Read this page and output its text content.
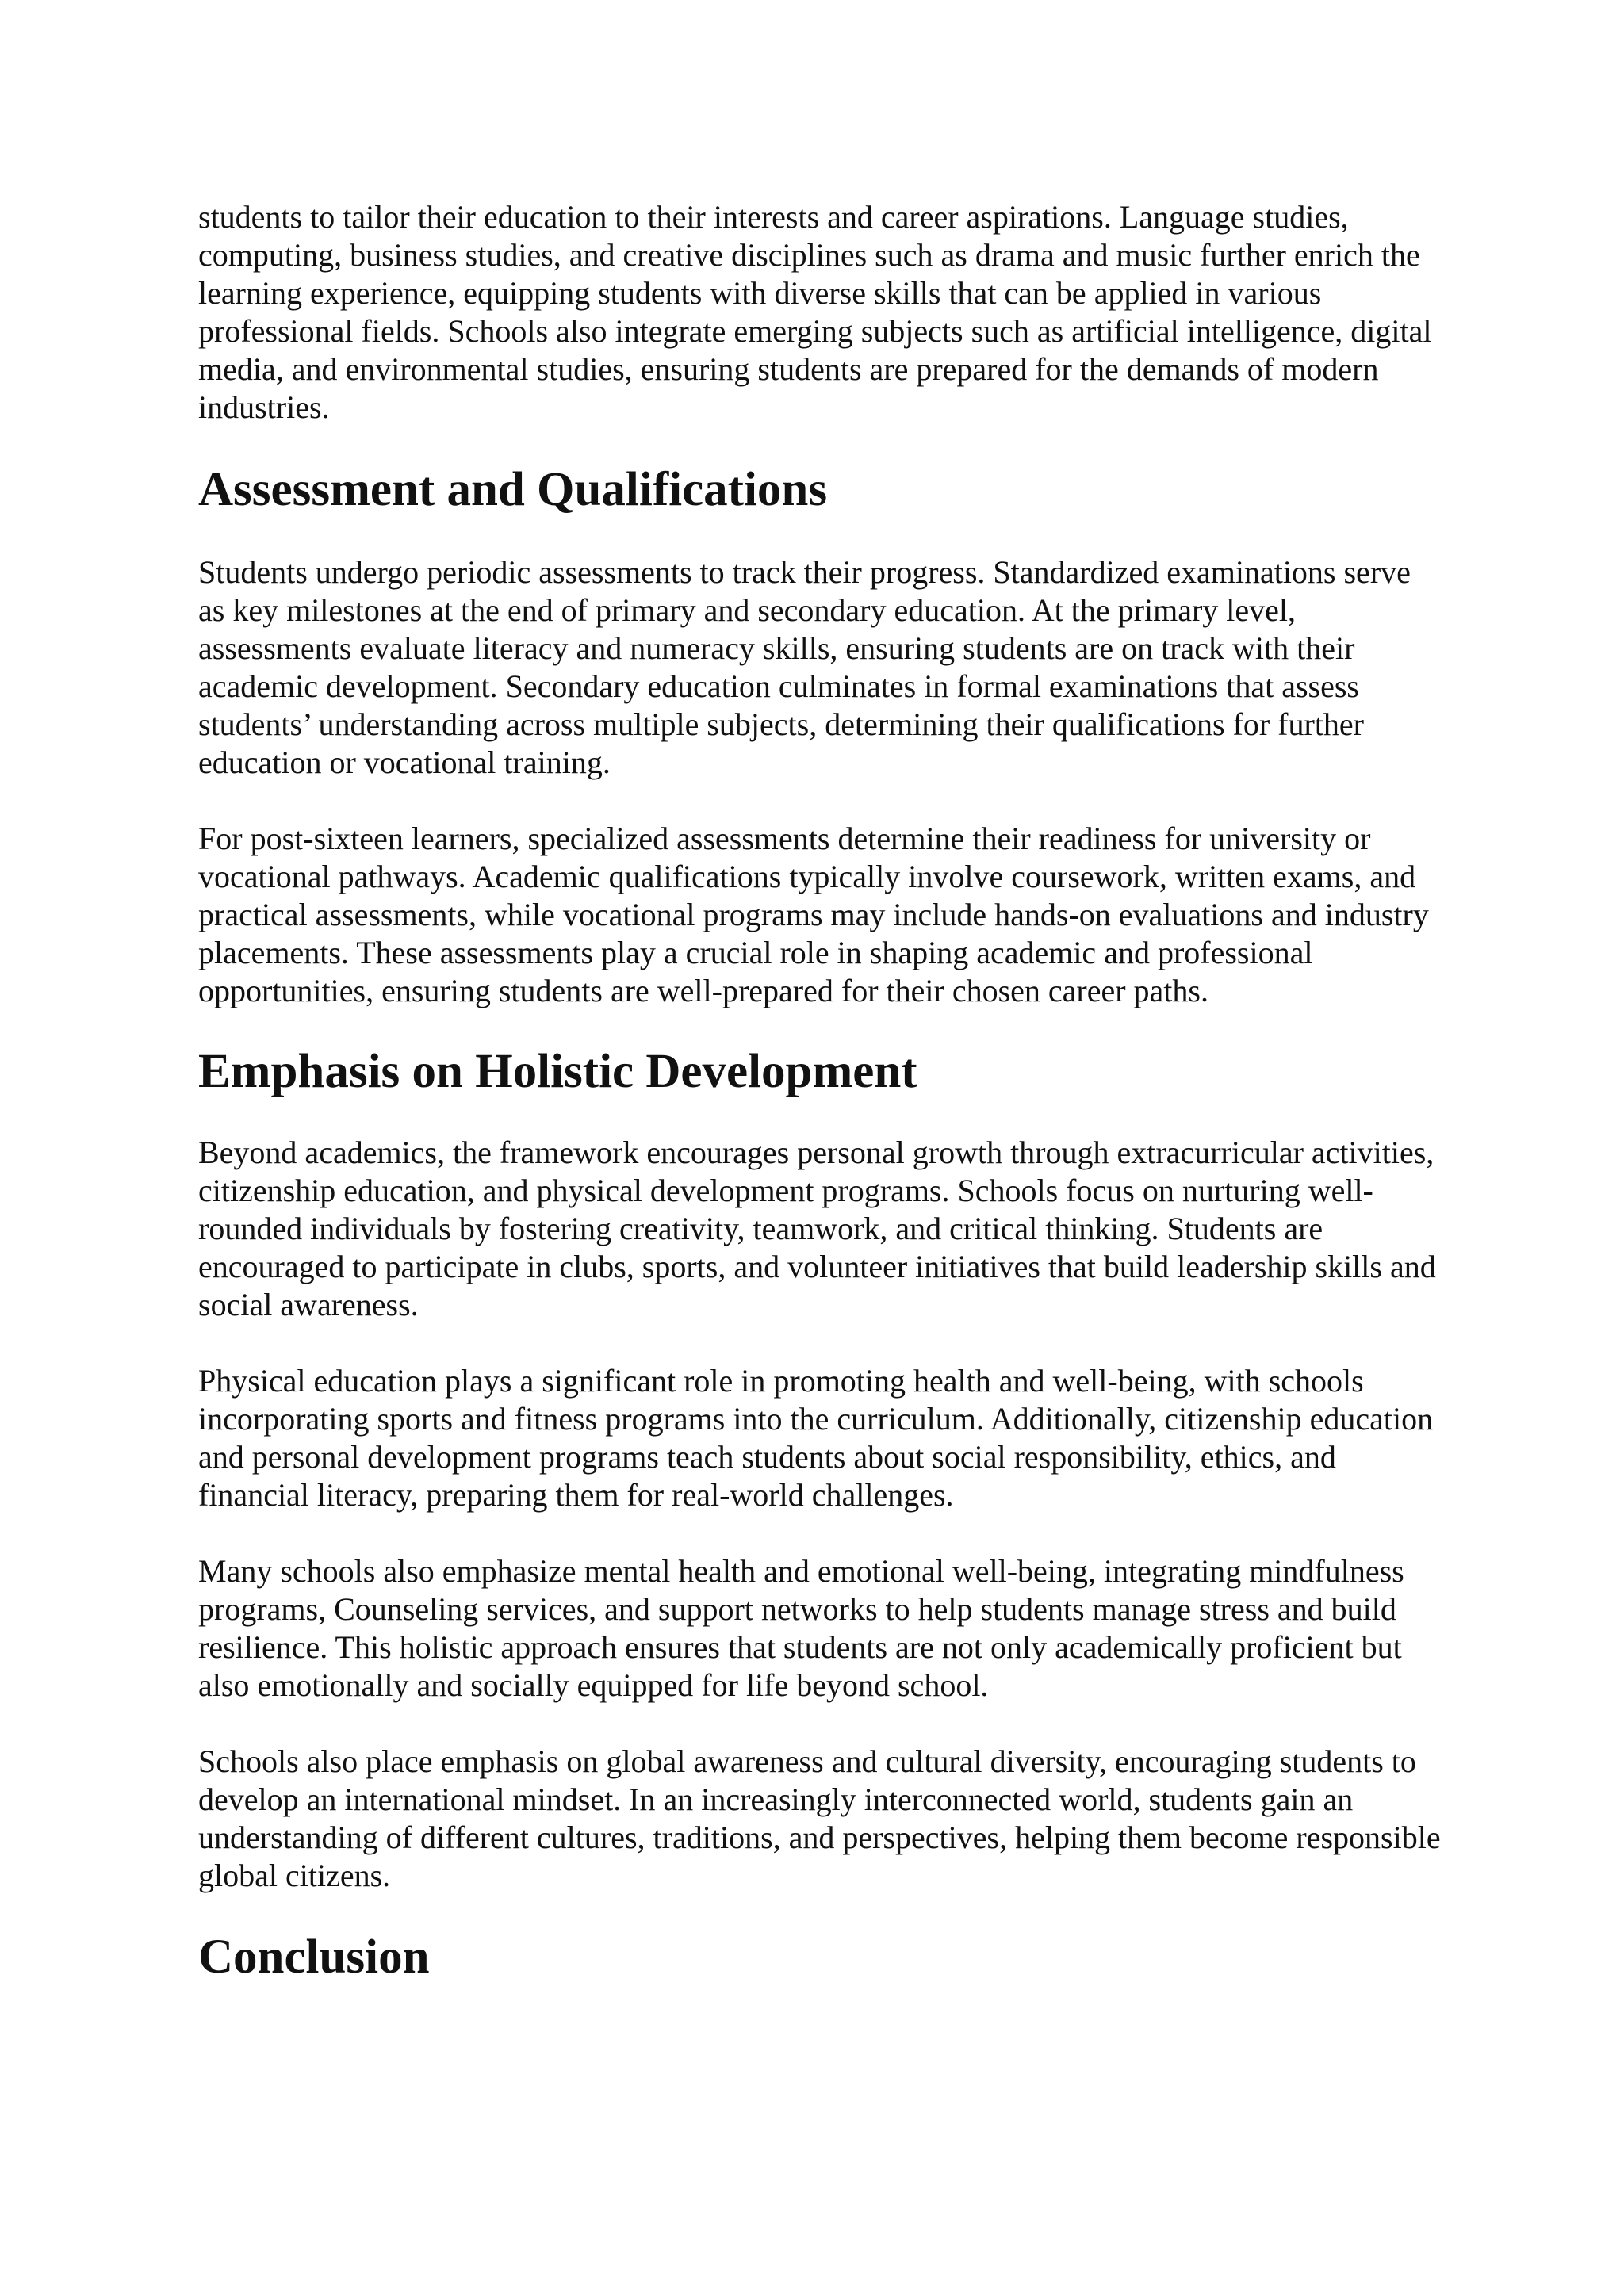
students to tailor their education to their interests and career aspirations. Language studies, computing, business studies, and creative disciplines such as drama and music further enrich the learning experience, equipping students with diverse skills that can be applied in various professional fields. Schools also integrate emerging subjects such as artificial intelligence, digital media, and environmental studies, ensuring students are prepared for the demands of modern industries.

Assessment and Qualifications

Students undergo periodic assessments to track their progress. Standardized examinations serve as key milestones at the end of primary and secondary education. At the primary level, assessments evaluate literacy and numeracy skills, ensuring students are on track with their academic development. Secondary education culminates in formal examinations that assess students’ understanding across multiple subjects, determining their qualifications for further education or vocational training.

For post-sixteen learners, specialized assessments determine their readiness for university or vocational pathways. Academic qualifications typically involve coursework, written exams, and practical assessments, while vocational programs may include hands-on evaluations and industry placements. These assessments play a crucial role in shaping academic and professional opportunities, ensuring students are well-prepared for their chosen career paths.

Emphasis on Holistic Development

Beyond academics, the framework encourages personal growth through extracurricular activities, citizenship education, and physical development programs. Schools focus on nurturing well-rounded individuals by fostering creativity, teamwork, and critical thinking. Students are encouraged to participate in clubs, sports, and volunteer initiatives that build leadership skills and social awareness.

Physical education plays a significant role in promoting health and well-being, with schools incorporating sports and fitness programs into the curriculum. Additionally, citizenship education and personal development programs teach students about social responsibility, ethics, and financial literacy, preparing them for real-world challenges.

Many schools also emphasize mental health and emotional well-being, integrating mindfulness programs, Counseling services, and support networks to help students manage stress and build resilience. This holistic approach ensures that students are not only academically proficient but also emotionally and socially equipped for life beyond school.

Schools also place emphasis on global awareness and cultural diversity, encouraging students to develop an international mindset. In an increasingly interconnected world, students gain an understanding of different cultures, traditions, and perspectives, helping them become responsible global citizens.

Conclusion
